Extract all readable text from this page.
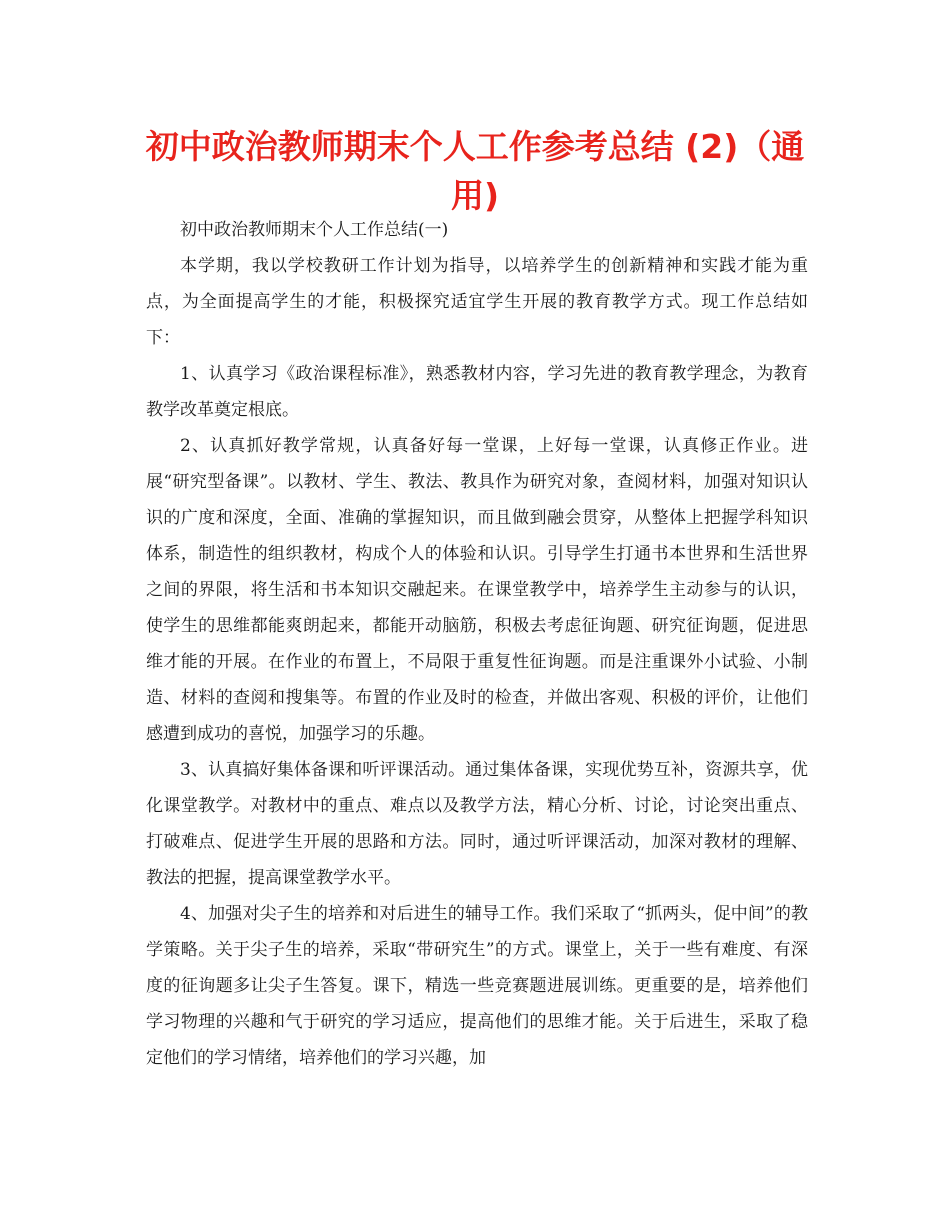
初中政治教师期末个人工作参考总结 (2)（通用)

初中政治教师期末个人工作总结(一)

本学期，我以学校教研工作计划为指导，以培养学生的创新精神和实践才能为重点，为全面提高学生的才能，积极探究适宜学生开展的教育教学方式。现工作总结如下：

1、认真学习《政治课程标准》，熟悉教材内容，学习先进的教育教学理念，为教育教学改革奠定根底。

2、认真抓好教学常规，认真备好每一堂课，上好每一堂课，认真修正作业。进展“研究型备课”。以教材、学生、教法、教具作为研究对象，查阅材料，加强对知识认识的广度和深度，全面、准确的掌握知识，而且做到融会贯穿，从整体上把握学科知识体系，制造性的组织教材，构成个人的体验和认识。引导学生打通书本世界和生活世界之间的界限，将生活和书本知识交融起来。在课堂教学中，培养学生主动参与的认识，使学生的思维都能爽朗起来，都能开动脑筋，积极去考虑征询题、研究征询题，促进思维才能的开展。在作业的布置上，不局限于重复性征询题。而是注重课外小试验、小制造、材料的查阅和搜集等。布置的作业及时的检查，并做出客观、积极的评价，让他们感遭到成功的喜悦，加强学习的乐趣。

3、认真搞好集体备课和听评课活动。通过集体备课，实现优势互补，资源共享，优化课堂教学。对教材中的重点、难点以及教学方法，精心分析、讨论，讨论突出重点、打破难点、促进学生开展的思路和方法。同时，通过听评课活动，加深对教材的理解、教法的把握，提高课堂教学水平。

4、加强对尖子生的培养和对后进生的辅导工作。我们采取了“抓两头，促中间”的教学策略。关于尖子生的培养，采取“带研究生”的方式。课堂上，关于一些有难度、有深度的征询题多让尖子生答复。课下，精选一些竞赛题进展训练。更重要的是，培养他们学习物理的兴趣和气于研究的学习适应，提高他们的思维才能。关于后进生，采取了稳定他们的学习情绪，培养他们的学习兴趣，加
